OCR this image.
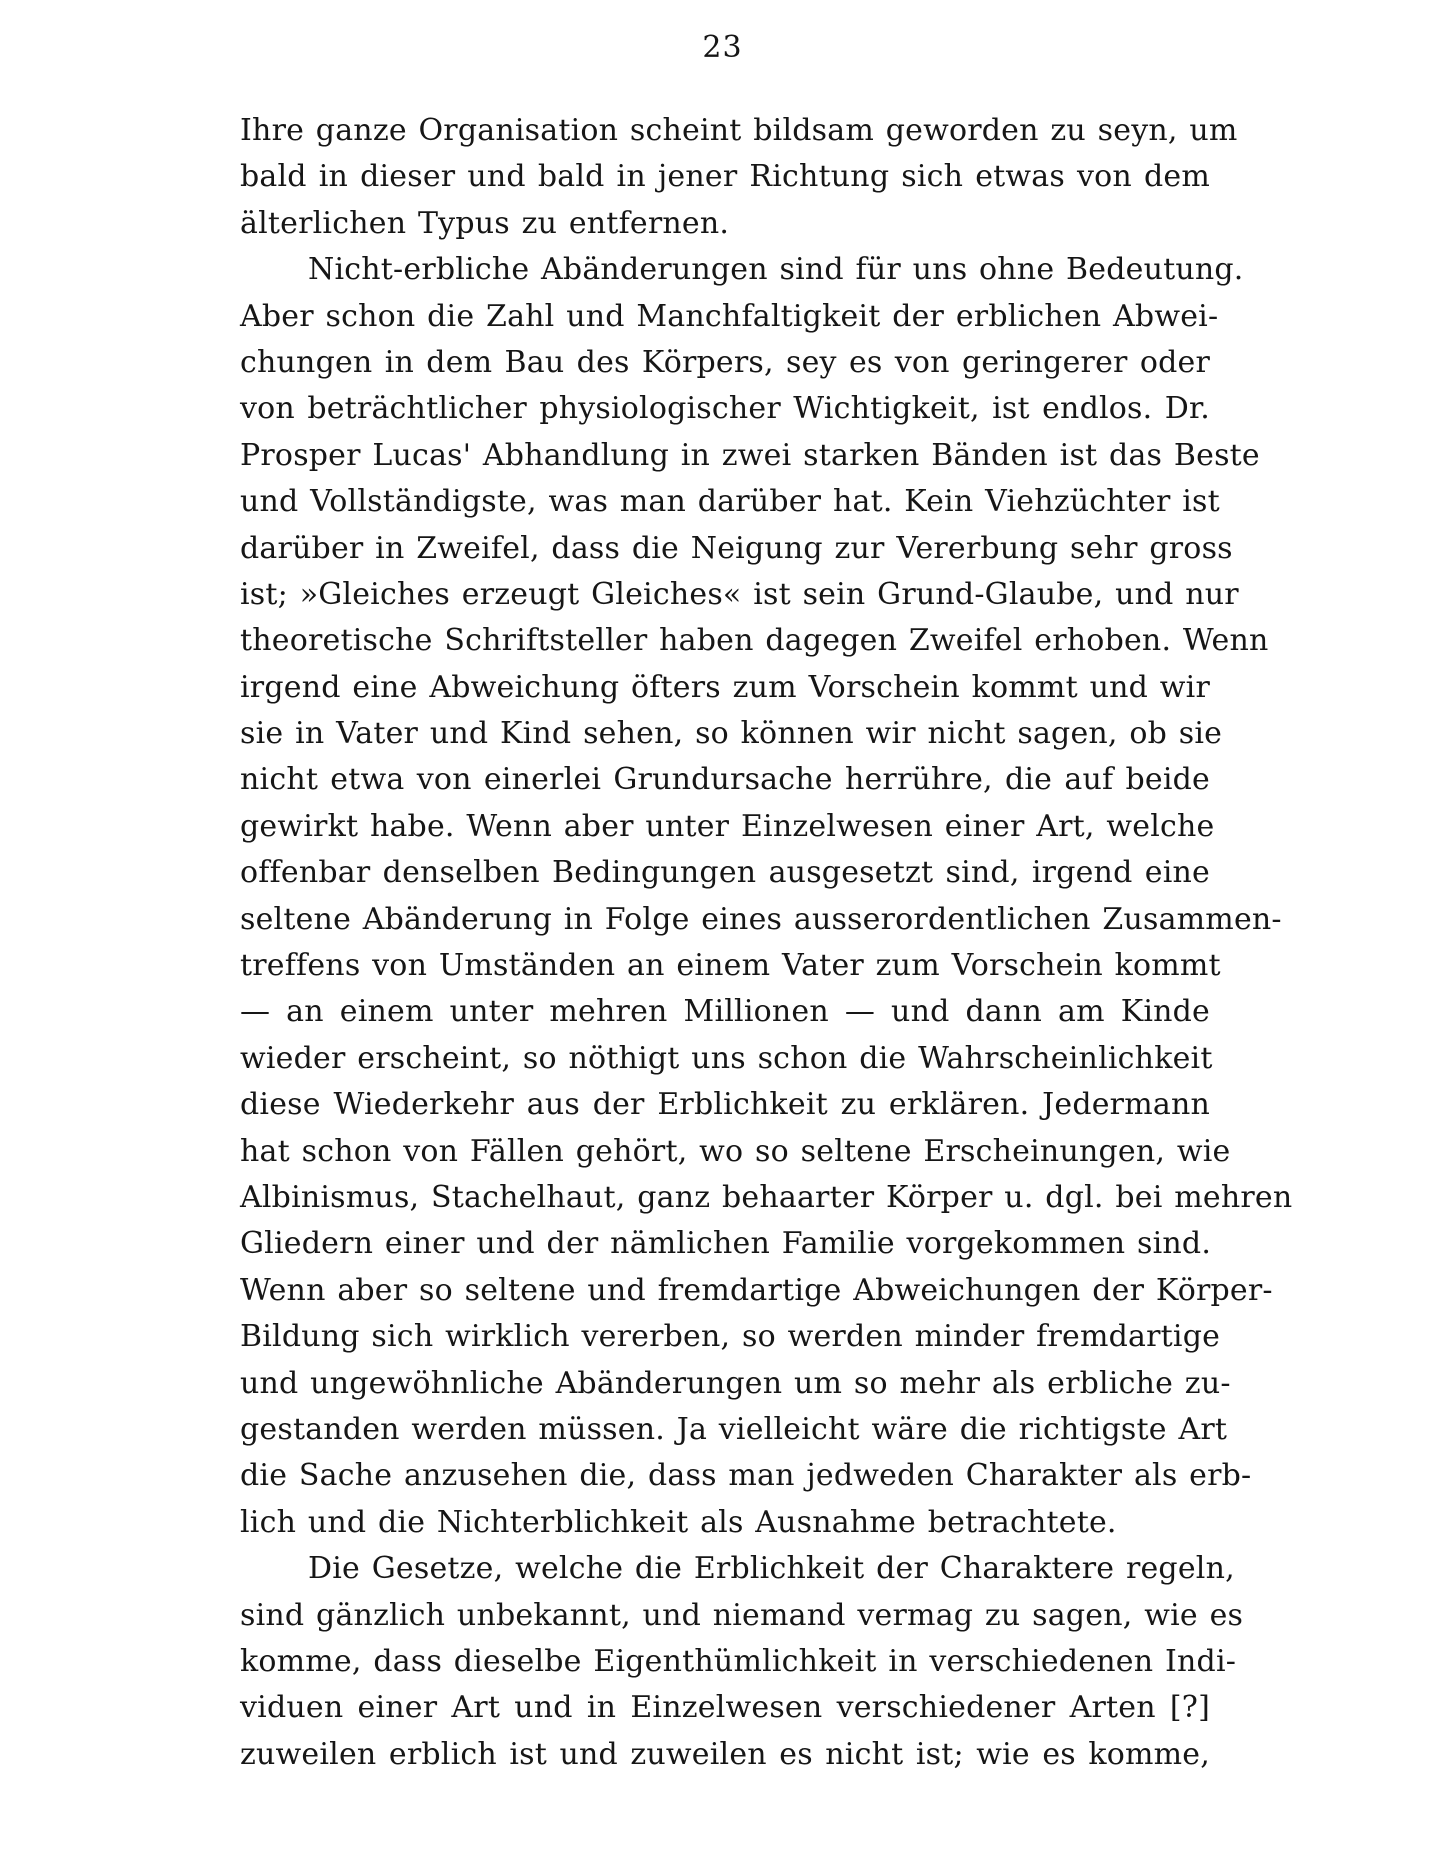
23
Ihre ganze Organisation scheint bildsam geworden zu seyn, um
bald in dieser und bald in jener Richtung sich etwas von dem
älterlichen Typus zu entfernen.
Nicht-erbliche Abänderungen sind für uns ohne Bedeutung.
Aber schon die Zahl und Manchfaltigkeit der erblichen Abwei-
chungen in dem Bau des Körpers, sey es von geringerer oder
von beträchtlicher physiologischer Wichtigkeit, ist endlos. Dr.
Prosper Lucas' Abhandlung in zwei starken Bänden ist das Beste
und Vollständigste, was man darüber hat. Kein Viehzüchter ist
darüber in Zweifel, dass die Neigung zur Vererbung sehr gross
ist; »Gleiches erzeugt Gleiches« ist sein Grund-Glaube, und nur
theoretische Schriftsteller haben dagegen Zweifel erhoben. Wenn
irgend eine Abweichung öfters zum Vorschein kommt und wir
sie in Vater und Kind sehen, so können wir nicht sagen, ob sie
nicht etwa von einerlei Grundursache herrühre, die auf beide
gewirkt habe. Wenn aber unter Einzelwesen einer Art, welche
offenbar denselben Bedingungen ausgesetzt sind, irgend eine
seltene Abänderung in Folge eines ausserordentlichen Zusammen-
treffens von Umständen an einem Vater zum Vorschein kommt
— an einem unter mehren Millionen — und dann am Kinde
wieder erscheint, so nöthigt uns schon die Wahrscheinlichkeit
diese Wiederkehr aus der Erblichkeit zu erklären. Jedermann
hat schon von Fällen gehört, wo so seltene Erscheinungen, wie
Albinismus, Stachelhaut, ganz behaarter Körper u. dgl. bei mehren
Gliedern einer und der nämlichen Familie vorgekommen sind.
Wenn aber so seltene und fremdartige Abweichungen der Körper-
Bildung sich wirklich vererben, so werden minder fremdartige
und ungewöhnliche Abänderungen um so mehr als erbliche zu-
gestanden werden müssen. Ja vielleicht wäre die richtigste Art
die Sache anzusehen die, dass man jedweden Charakter als erb-
lich und die Nichterblichkeit als Ausnahme betrachtete.
Die Gesetze, welche die Erblichkeit der Charaktere regeln,
sind gänzlich unbekannt, und niemand vermag zu sagen, wie es
komme, dass dieselbe Eigenthümlichkeit in verschiedenen Indi-
viduen einer Art und in Einzelwesen verschiedener Arten [?]
zuweilen erblich ist und zuweilen es nicht ist; wie es komme,
